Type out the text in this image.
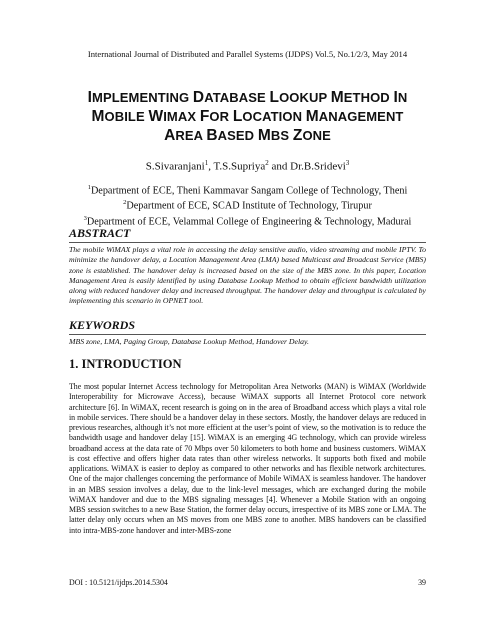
International Journal of Distributed and Parallel Systems (IJDPS) Vol.5, No.1/2/3, May 2014
IMPLEMENTING DATABASE LOOKUP METHOD IN
MOBILE WIMAX FOR LOCATION MANAGEMENT
AREA BASED MBS ZONE
S.Sivaranjani$^1$, T.S.Supriya$^2$ and Dr.B.Sridevi$^3$
$^1$Department of ECE, Theni Kammavar Sangam College of Technology, Theni
$^2$Department of ECE, SCAD Institute of Technology, Tirupur
$^3$Department of ECE, Velammal College of Engineering & Technology, Madurai
ABSTRACT
The mobile WiMAX plays a vital role in accessing the delay sensitive audio, video streaming and mobile IPTV. To minimize the handover delay, a Location Management Area (LMA) based Multicast and Broadcast Service (MBS) zone is established. The handover delay is increased based on the size of the MBS zone. In this paper, Location Management Area is easily identified by using Database Lookup Method to obtain efficient bandwidth utilization along with reduced handover delay and increased throughput. The handover delay and throughput is calculated by implementing this scenario in OPNET tool.
KEYWORDS
MBS zone, LMA, Paging Group, Database Lookup Method, Handover Delay.
1. INTRODUCTION
The most popular Internet Access technology for Metropolitan Area Networks (MAN) is WiMAX (Worldwide Interoperability for Microwave Access), because WiMAX supports all Internet Protocol core network architecture [6]. In WiMAX, recent research is going on in the area of Broadband access which plays a vital role in mobile services. There should be a handover delay in these sectors. Mostly, the handover delays are reduced in previous researches, although it’s not more efficient at the user’s point of view, so the motivation is to reduce the bandwidth usage and handover delay [15]. WiMAX is an emerging 4G technology, which can provide wireless broadband access at the data rate of 70 Mbps over 50 kilometers to both home and business customers. WiMAX is cost effective and offers higher data rates than other wireless networks. It supports both fixed and mobile applications. WiMAX is easier to deploy as compared to other networks and has flexible network architectures. One of the major challenges concerning the performance of Mobile WiMAX is seamless handover. The handover in an MBS session involves a delay, due to the link-level messages, which are exchanged during the mobile WiMAX handover and due to the MBS signaling messages [4]. Whenever a Mobile Station with an ongoing MBS session switches to a new Base Station, the former delay occurs, irrespective of its MBS zone or LMA. The latter delay only occurs when an MS moves from one MBS zone to another. MBS handovers can be classified into intra-MBS-zone handover and inter-MBS-zone
DOI : 10.5121/ijdps.2014.5304	39
